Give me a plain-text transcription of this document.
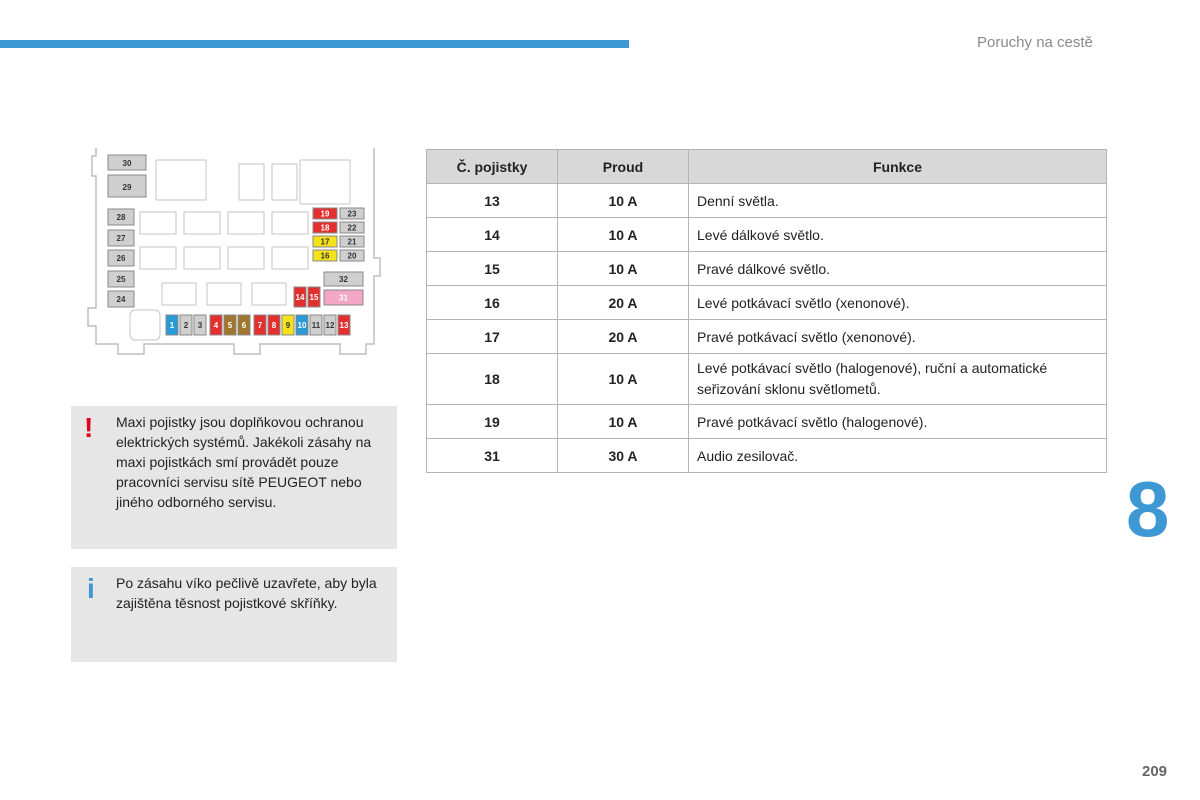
Poruchy na cestě
30
29
28
27
26
25
24
19 23
18 22
17 21
16 20
32
31
14 15
1 2 3 4 5 6 7 8 9 10 11 12 13
! Maxi pojistky jsou doplňkovou ochranou elektrických systémů. Jakékoli zásahy na maxi pojistkách smí provádět pouze pracovníci servisu sítě PEUGEOT nebo jiného odborného servisu.
i Po zásahu víko pečlivě uzavřete, aby byla zajištěna těsnost pojistkové skříňky.
Č. pojistky	Proud	Funkce
13	10 A	Denní světla.
14	10 A	Levé dálkové světlo.
15	10 A	Pravé dálkové světlo.
16	20 A	Levé potkávací světlo (xenonové).
17	20 A	Pravé potkávací světlo (xenonové).
18	10 A	Levé potkávací světlo (halogenové), ruční a automatické seřizování sklonu světlometů.
19	10 A	Pravé potkávací světlo (halogenové).
31	30 A	Audio zesilovač.
8
209
